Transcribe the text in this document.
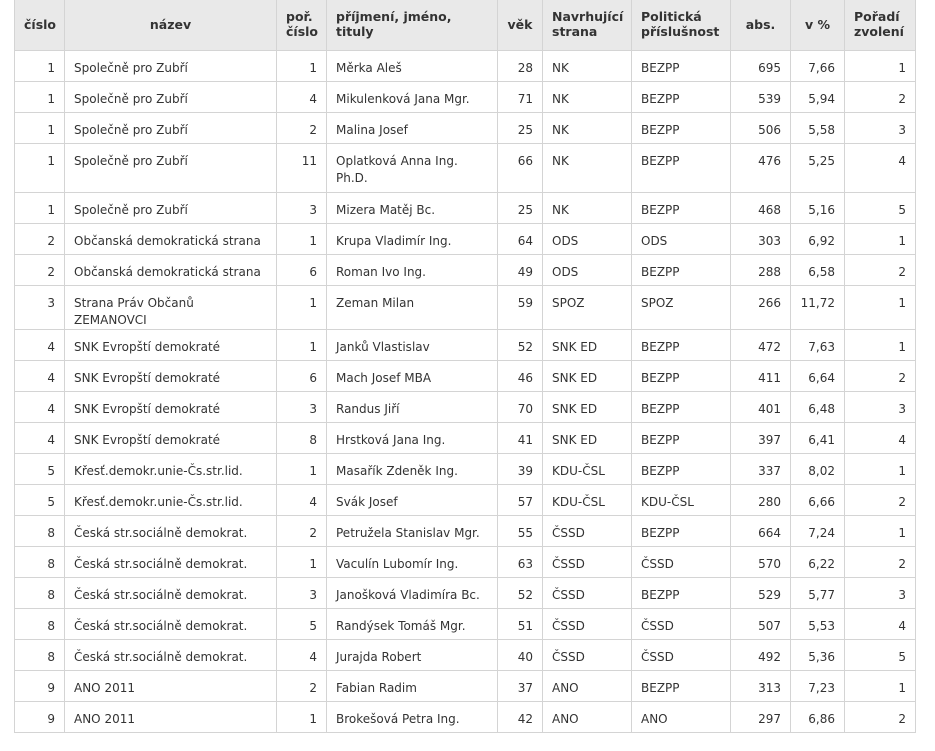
číslo	název	poř. číslo	příjmení, jméno, tituly	věk	Navrhující strana	Politická příslušnost	abs.	v %	Pořadí zvolení
1	Společně pro Zubří	1	Měrka Aleš	28	NK	BEZPP	695	7,66	1
1	Společně pro Zubří	4	Mikulenková Jana Mgr.	71	NK	BEZPP	539	5,94	2
1	Společně pro Zubří	2	Malina Josef	25	NK	BEZPP	506	5,58	3
1	Společně pro Zubří	11	Oplatková Anna Ing. Ph.D.	66	NK	BEZPP	476	5,25	4
1	Společně pro Zubří	3	Mizera Matěj Bc.	25	NK	BEZPP	468	5,16	5
2	Občanská demokratická strana	1	Krupa Vladimír Ing.	64	ODS	ODS	303	6,92	1
2	Občanská demokratická strana	6	Roman Ivo Ing.	49	ODS	BEZPP	288	6,58	2
3	Strana Práv Občanů ZEMANOVCI	1	Zeman Milan	59	SPOZ	SPOZ	266	11,72	1
4	SNK Evropští demokraté	1	Janků Vlastislav	52	SNK ED	BEZPP	472	7,63	1
4	SNK Evropští demokraté	6	Mach Josef MBA	46	SNK ED	BEZPP	411	6,64	2
4	SNK Evropští demokraté	3	Randus Jiří	70	SNK ED	BEZPP	401	6,48	3
4	SNK Evropští demokraté	8	Hrstková Jana Ing.	41	SNK ED	BEZPP	397	6,41	4
5	Křesť.demokr.unie-Čs.str.lid.	1	Masařík Zdeněk Ing.	39	KDU-ČSL	BEZPP	337	8,02	1
5	Křesť.demokr.unie-Čs.str.lid.	4	Svák Josef	57	KDU-ČSL	KDU-ČSL	280	6,66	2
8	Česká str.sociálně demokrat.	2	Petružela Stanislav Mgr.	55	ČSSD	BEZPP	664	7,24	1
8	Česká str.sociálně demokrat.	1	Vaculín Lubomír Ing.	63	ČSSD	ČSSD	570	6,22	2
8	Česká str.sociálně demokrat.	3	Janošková Vladimíra Bc.	52	ČSSD	BEZPP	529	5,77	3
8	Česká str.sociálně demokrat.	5	Randýsek Tomáš Mgr.	51	ČSSD	ČSSD	507	5,53	4
8	Česká str.sociálně demokrat.	4	Jurajda Robert	40	ČSSD	ČSSD	492	5,36	5
9	ANO 2011	2	Fabian Radim	37	ANO	BEZPP	313	7,23	1
9	ANO 2011	1	Brokešová Petra Ing.	42	ANO	ANO	297	6,86	2
